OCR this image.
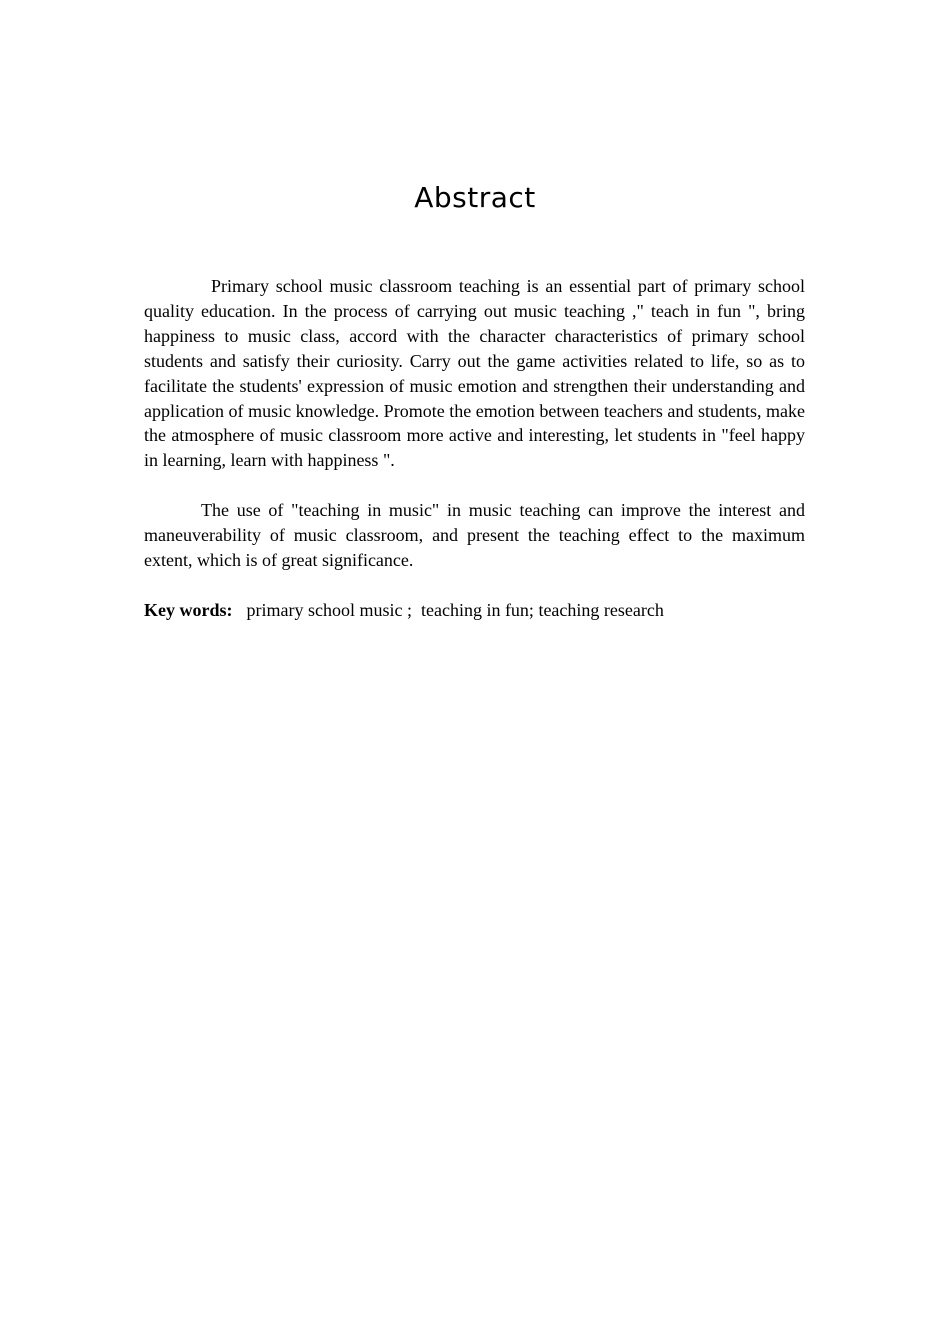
Abstract

Primary school music classroom teaching is an essential part of primary school quality education. In the process of carrying out music teaching ," teach in fun ", bring happiness to music class, accord with the character characteristics of primary school students and satisfy their curiosity. Carry out the game activities related to life, so as to facilitate the students' expression of music emotion and strengthen their understanding and application of music knowledge. Promote the emotion between teachers and students, make the atmosphere of music classroom more active and interesting, let students in "feel happy in learning, learn with happiness ".

The use of "teaching in music" in music teaching can improve the interest and maneuverability of music classroom, and present the teaching effect to the maximum extent, which is of great significance.

Key words: primary school music ;  teaching in fun; teaching research
